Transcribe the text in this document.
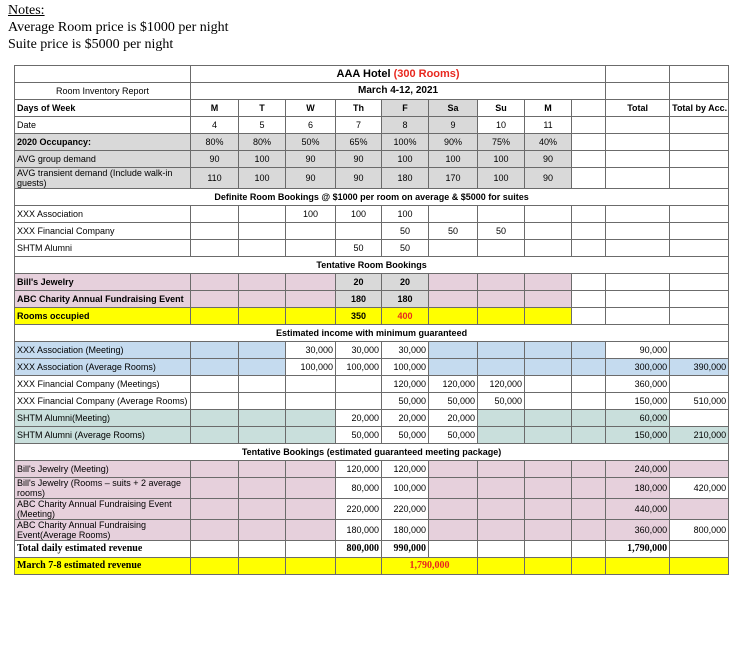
Notes:
Average Room price is $1000 per night
Suite price is $5000 per night
	AAA Hotel (300 Rooms)										
Room Inventory Report	March 4-12, 2021										
Days of Week	M	T	W	Th	F	Sa	Su	M		Total	Total by Acc.
Date	4	5	6	7	8	9	10	11			
2020 Occupancy:	80%	80%	50%	65%	100%	90%	75%	40%			
AVG group demand	90	100	90	90	100	100	100	90			
AVG transient demand (Include walk-in guests)	110	100	90	90	180	170	100	90			
Definite Room Bookings @ $1000 per room on average & $5000 for suites											
XXX Association			100	100	100						
XXX Financial Company					50	50	50				
SHTM Alumni				50	50						
Tentative Room Bookings											
Bill's Jewelry				20	20						
ABC Charity Annual Fundraising Event				180	180						
Rooms occupied				350	400						
Estimated income with minimum guaranteed											
XXX Association (Meeting)			30,000	30,000	30,000					90,000	
XXX Association (Average Rooms)			100,000	100,000	100,000					300,000	390,000
XXX Financial Company (Meetings)					120,000	120,000	120,000			360,000	
XXX Financial Company (Average Rooms)					50,000	50,000	50,000			150,000	510,000
SHTM Alumni(Meeting)				20,000	20,000	20,000				60,000	
SHTM Alumni (Average Rooms)				50,000	50,000	50,000				150,000	210,000
Tentative Bookings (estimated guaranteed meeting package)											
Bill's Jewelry (Meeting)				120,000	120,000					240,000	
Bill's Jewelry (Rooms – suits + 2 average rooms)				80,000	100,000					180,000	420,000
ABC Charity Annual Fundraising Event (Meeting)				220,000	220,000					440,000	
ABC Charity Annual Fundraising Event(Average Rooms)				180,000	180,000					360,000	800,000
Total daily estimated revenue				800,000	990,000					1,790,000	
March 7-8 estimated revenue					1,790,000						
